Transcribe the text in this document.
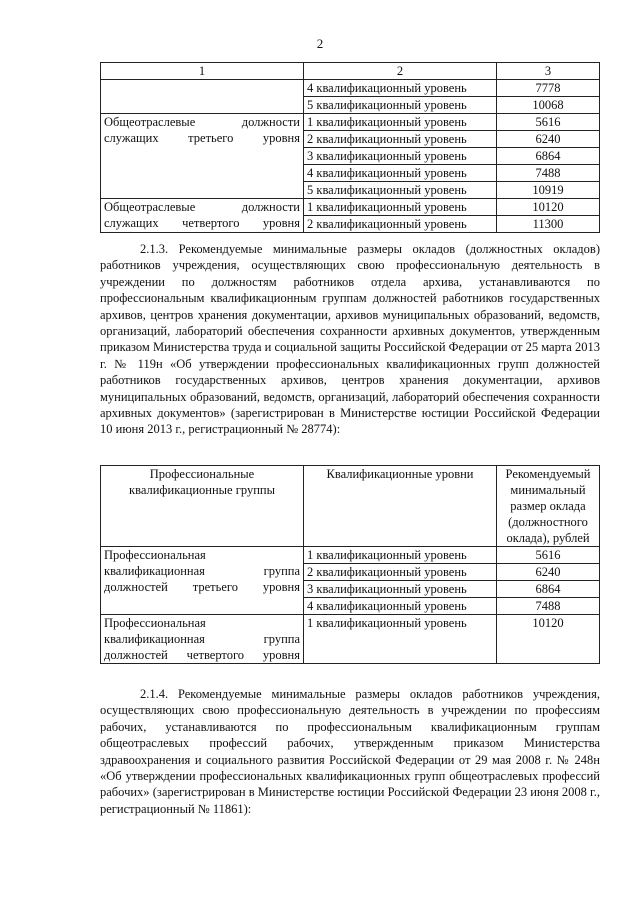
2
1	2	3
	4 квалификационный уровень	7778
	5 квалификационный уровень	10068
Общеотраслевые должности служащих третьего уровня	1 квалификационный уровень	5616
	2 квалификационный уровень	6240
	3 квалификационный уровень	6864
	4 квалификационный уровень	7488
	5 квалификационный уровень	10919
Общеотраслевые должности служащих четвертого уровня	1 квалификационный уровень	10120
	2 квалификационный уровень	11300
2.1.3. Рекомендуемые минимальные размеры окладов (должностных окладов) работников учреждения, осуществляющих свою профессиональную деятельность в учреждении по должностям работников отдела архива, устанавливаются по профессиональным квалификационным группам должностей работников государственных архивов, центров хранения документации, архивов муниципальных образований, ведомств, организаций, лабораторий обеспечения сохранности архивных документов, утвержденным приказом Министерства труда и социальной защиты Российской Федерации от 25 марта 2013 г. № 119н «Об утверждении профессиональных квалификационных групп должностей работников государственных архивов, центров хранения документации, архивов муниципальных образований, ведомств, организаций, лабораторий обеспечения сохранности архивных документов» (зарегистрирован в Министерстве юстиции Российской Федерации 10 июня 2013 г., регистрационный № 28774):
Профессиональные квалификационные группы	Квалификационные уровни	Рекомендуемый минимальный размер оклада (должностного оклада), рублей
Профессиональная квалификационная группа должностей третьего уровня	1 квалификационный уровень	5616
	2 квалификационный уровень	6240
	3 квалификационный уровень	6864
	4 квалификационный уровень	7488
Профессиональная квалификационная группа должностей четвертого уровня	1 квалификационный уровень	10120
2.1.4. Рекомендуемые минимальные размеры окладов работников учреждения, осуществляющих свою профессиональную деятельность в учреждении по профессиям рабочих, устанавливаются по профессиональным квалификационным группам общеотраслевых профессий рабочих, утвержденным приказом Министерства здравоохранения и социального развития Российской Федерации от 29 мая 2008 г. № 248н «Об утверждении профессиональных квалификационных групп общеотраслевых профессий рабочих» (зарегистрирован в Министерстве юстиции Российской Федерации 23 июня 2008 г., регистрационный № 11861):
